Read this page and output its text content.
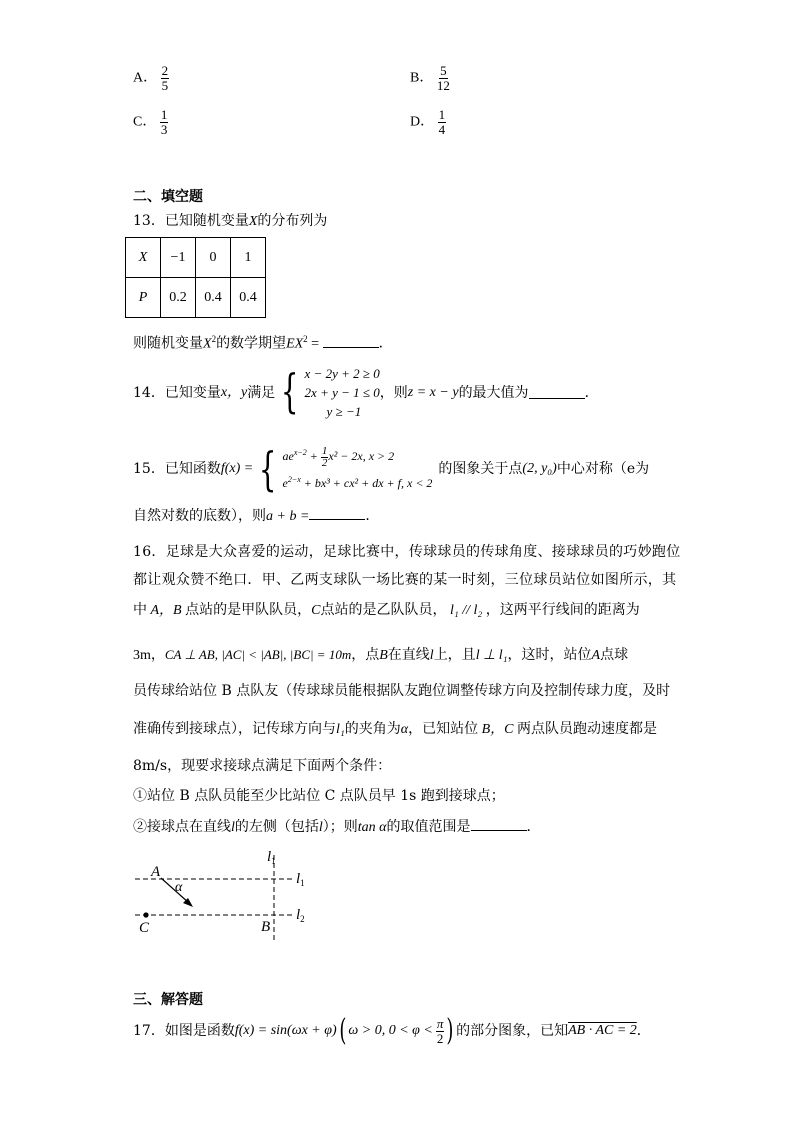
A． $\frac{2}{5}$	B． $\frac{5}{12}$
C． $\frac{1}{3}$	D． $\frac{1}{4}$
二、填空题
13．已知随机变量X的分布列为
X	−1	0	1
P	0.2	0.4	0.4
则随机变量$X^2$的数学期望$EX^2$ =	．
14．已知变量 x，y 满足 { x − 2y + 2 ≥ 0
2x + y − 1 ≤ 0
y ≥ −1
，则 z = x − y 的最大值为	．
15．已知函数 f(x) = { $ae^{x-2} + \frac{1}{2} x^2 - 2x$, x > 2
$e^{2-x} + bx^3 + cx^2$ + dx + f, x < 2
的图象关于点 (2, y₀) 中心对称（e为
自然对数的底数），则a + b =	．
16．足球是大众喜爱的运动，足球比赛中，传球球员的传球角度、接球球员的巧妙跑位
都让观众赞不绝口．甲、乙两支球队一场比赛的某一时刻，三位球员站位如图所示，其
中 A，B 点站的是甲队队员，C点站的是乙队队员， l₁ // l₂ ，这两平行线间的距离为
3m，CA ⊥ AB, |AC| < |AB|, |BC| = 10m，点B在直线l上，且l ⊥ l₁，这时，站位A点球
员传球给站位 B 点队友（传球球员能根据队友跑位调整传球方向及控制传球力度，及时
准确传到接球点），记传球方向与l₁的夹角为α，已知站位 B，C 两点队员跑动速度都是
8m/s，现要求接球点满足下面两个条件：
①站位 B 点队员能至少比站位 C 点队员早 1s 跑到接球点；
②接球点在直线l的左侧（包括l）；则tan α的取值范围是	．
A
α
C	B
$l_1$
$l_1$
$l_2$
三、解答题
17．如图是函数 f(x) = sin(ωx + φ) ( ω > 0, $0 < \varphi < \frac{\pi}{2}$ ) 的部分图象，已知 AB · AC = 2 ．
